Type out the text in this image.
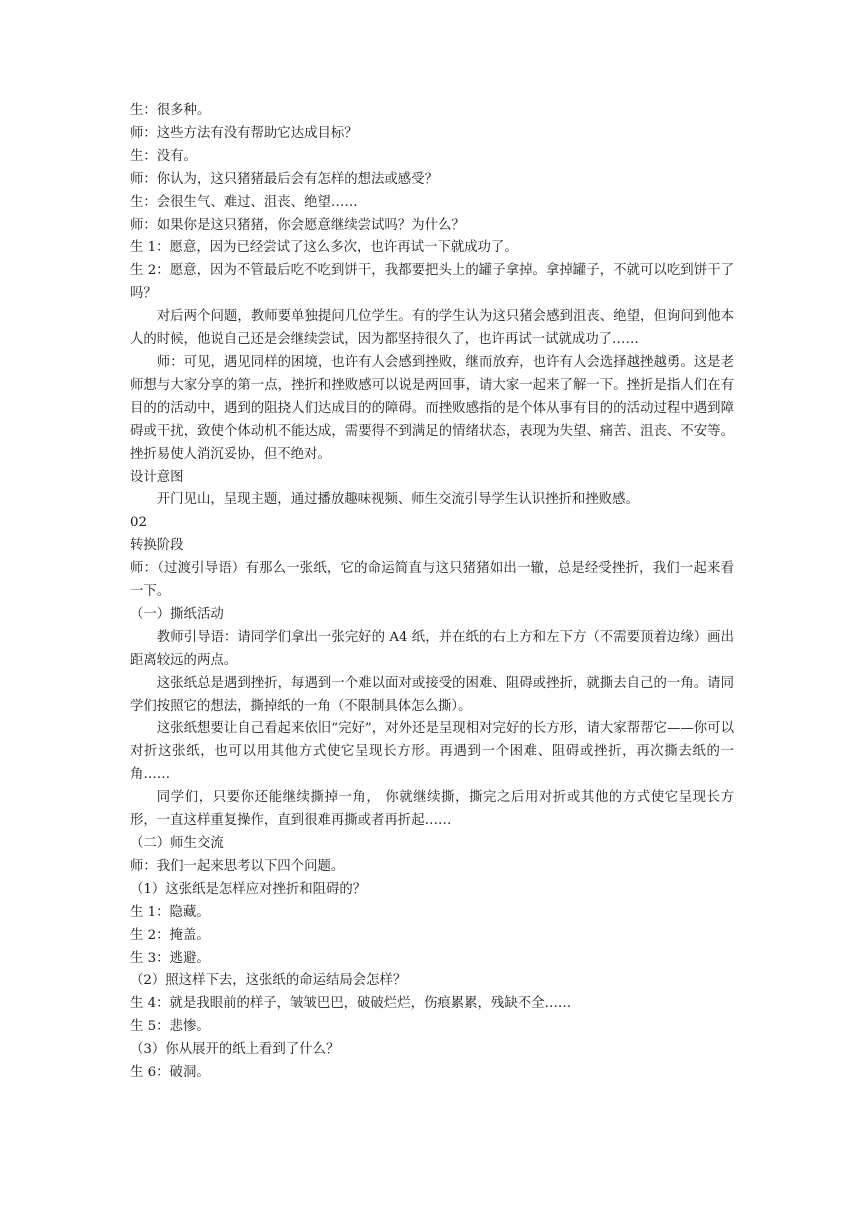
生：很多种。

师：这些方法有没有帮助它达成目标？

生：没有。

师：你认为，这只猪猪最后会有怎样的想法或感受？

生：会很生气、难过、沮丧、绝望……

师：如果你是这只猪猪，你会愿意继续尝试吗？为什么？

生 1：愿意，因为已经尝试了这么多次，也许再试一下就成功了。

生 2：愿意，因为不管最后吃不吃到饼干，我都要把头上的罐子拿掉。拿掉罐子，不就可以吃到饼干了吗？

对后两个问题，教师要单独提问几位学生。有的学生认为这只猪会感到沮丧、绝望，但询问到他本人的时候，他说自己还是会继续尝试，因为都坚持很久了，也许再试一试就成功了……

师：可见，遇见同样的困境，也许有人会感到挫败，继而放弃，也许有人会选择越挫越勇。这是老师想与大家分享的第一点，挫折和挫败感可以说是两回事，请大家一起来了解一下。挫折是指人们在有目的的活动中，遇到的阻挠人们达成目的的障碍。而挫败感指的是个体从事有目的的活动过程中遇到障碍或干扰，致使个体动机不能达成，需要得不到满足的情绪状态，表现为失望、痛苦、沮丧、不安等。挫折易使人消沉妥协，但不绝对。

设计意图

开门见山，呈现主题，通过播放趣味视频、师生交流引导学生认识挫折和挫败感。

02

转换阶段

师：（过渡引导语）有那么一张纸，它的命运简直与这只猪猪如出一辙，总是经受挫折，我们一起来看一下。

（一）撕纸活动

教师引导语：请同学们拿出一张完好的 A4 纸，并在纸的右上方和左下方（不需要顶着边缘）画出距离较远的两点。

这张纸总是遇到挫折，每遇到一个难以面对或接受的困难、阻碍或挫折，就撕去自己的一角。请同学们按照它的想法，撕掉纸的一角（不限制具体怎么撕）。

这张纸想要让自己看起来依旧“完好”，对外还是呈现相对完好的长方形，请大家帮帮它——你可以对折这张纸，也可以用其他方式使它呈现长方形。再遇到一个困难、阻碍或挫折，再次撕去纸的一角……

同学们，只要你还能继续撕掉一角， 你就继续撕，撕完之后用对折或其他的方式使它呈现长方形，一直这样重复操作，直到很难再撕或者再折起……

（二）师生交流

师：我们一起来思考以下四个问题。

（1）这张纸是怎样应对挫折和阻碍的？

生 1：隐藏。

生 2：掩盖。

生 3：逃避。

（2）照这样下去，这张纸的命运结局会怎样？

生 4：就是我眼前的样子，皱皱巴巴，破破烂烂，伤痕累累，残缺不全……

生 5：悲惨。

（3）你从展开的纸上看到了什么？

生 6：破洞。
